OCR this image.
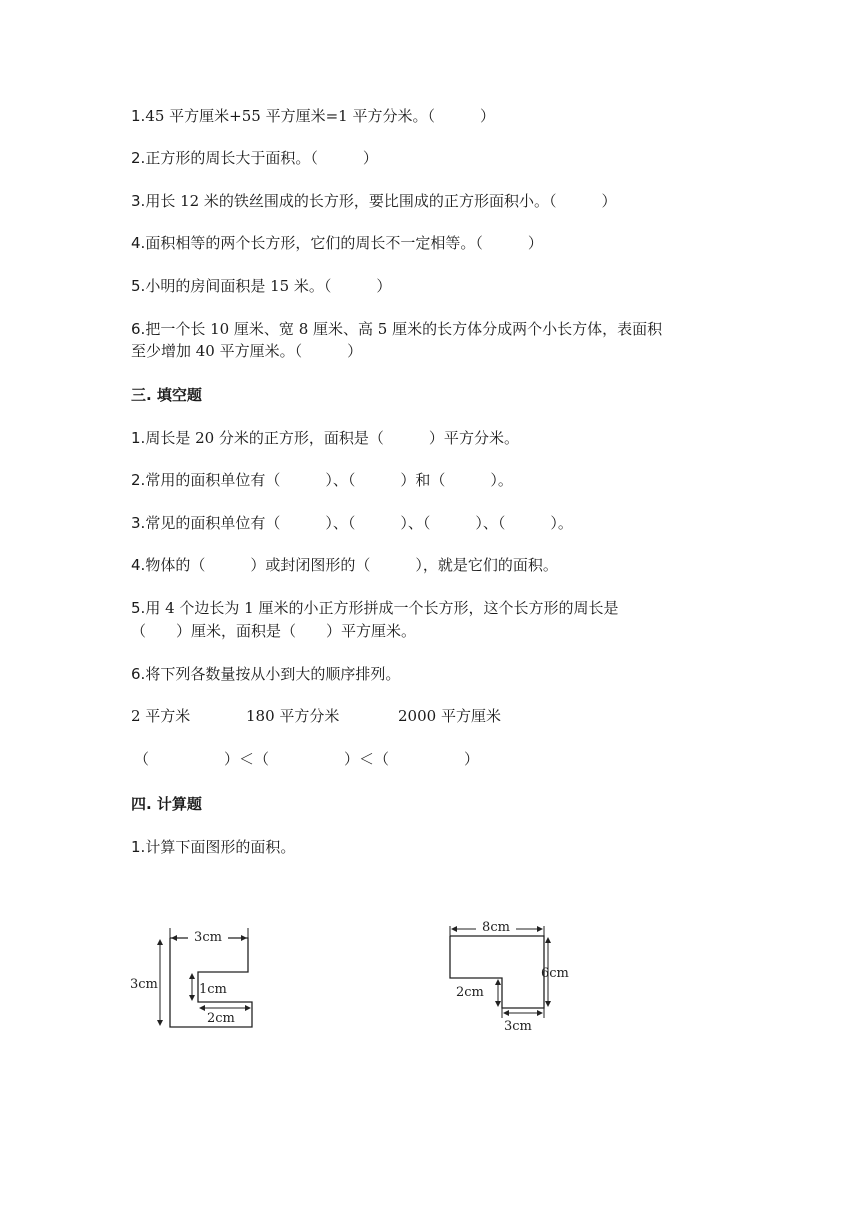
1.45 平方厘米+55 平方厘米=1 平方分米。（　　　）
2.正方形的周长大于面积。（　　　）
3.用长 12 米的铁丝围成的长方形，要比围成的正方形面积小。（　　　）
4.面积相等的两个长方形，它们的周长不一定相等。（　　　）
5.小明的房间面积是 15 米。（　　　）
6.把一个长 10 厘米、宽 8 厘米、高 5 厘米的长方体分成两个小长方体，表面积
至少增加 40 平方厘米。（　　　）
三. 填空题
1.周长是 20 分米的正方形，面积是（　　　）平方分米。
2.常用的面积单位有（　　　）、（　　　）和（　　　）。
3.常见的面积单位有（　　　）、（　　　）、（　　　）、（　　　）。
4.物体的（　　　）或封闭图形的（　　　），就是它们的面积。
5.用 4 个边长为 1 厘米的小正方形拼成一个长方形，这个长方形的周长是
（　　）厘米，面积是（　　）平方厘米。
6.将下列各数量按从小到大的顺序排列。
2 平方米	180 平方分米	2000 平方厘米
（　　　　　）＜（　　　　　）＜（　　　　　）
四. 计算题
1.计算下面图形的面积。
3cm
3cm	1cm
2cm
8cm
6cm
2cm
3cm
